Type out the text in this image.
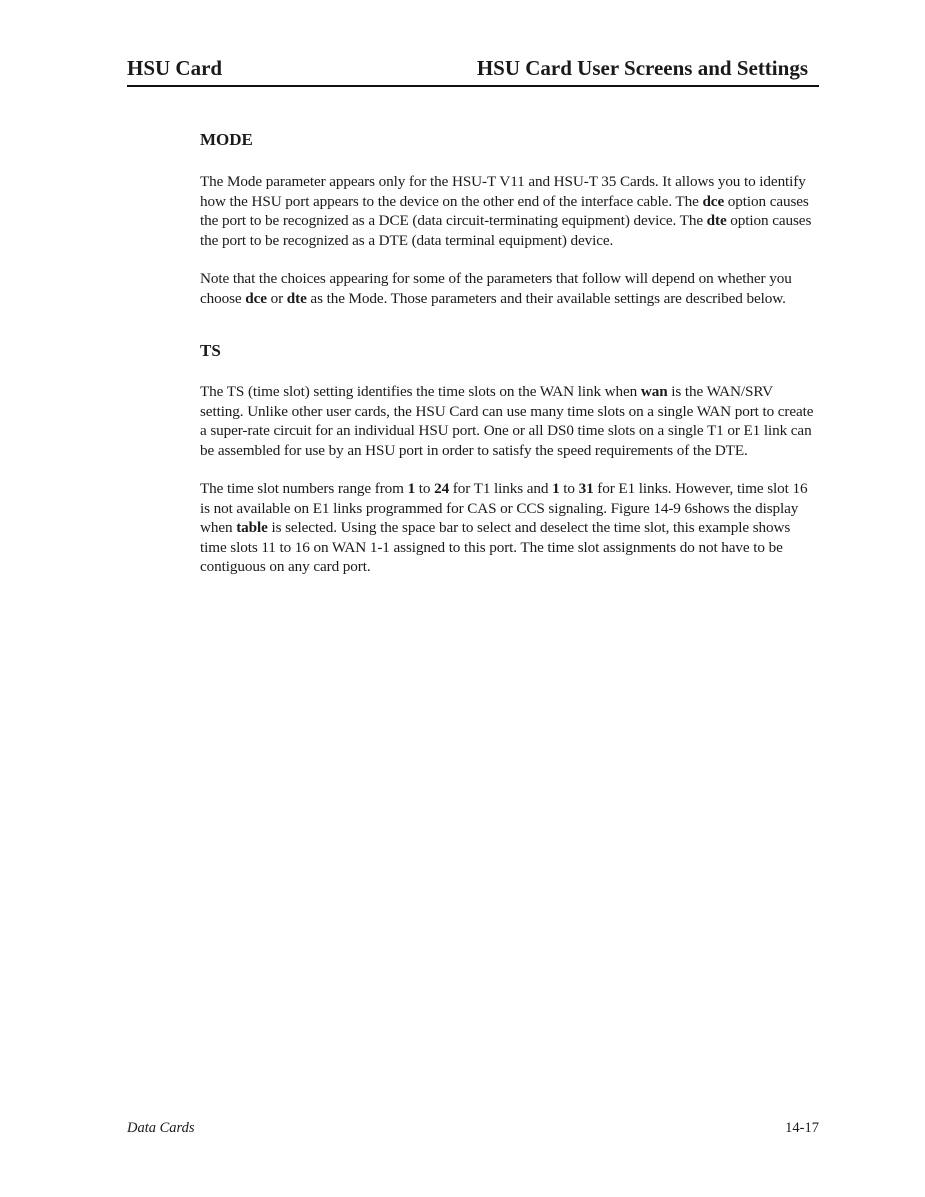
HSU Card	HSU Card User Screens and Settings
MODE

The Mode parameter appears only for the HSU-T V11 and HSU-T 35 Cards. It allows you to identify how the HSU port appears to the device on the other end of the interface cable. The dce option causes the port to be recognized as a DCE (data circuit-terminating equipment) device. The dte option causes the port to be recognized as a DTE (data terminal equipment) device.

Note that the choices appearing for some of the parameters that follow will depend on whether you choose dce or dte as the Mode. Those parameters and their available settings are described below.

TS

The TS (time slot) setting identifies the time slots on the WAN link when wan is the WAN/SRV setting. Unlike other user cards, the HSU Card can use many time slots on a single WAN port to create a super-rate circuit for an individual HSU port. One or all DS0 time slots on a single T1 or E1 link can be assembled for use by an HSU port in order to satisfy the speed requirements of the DTE.

The time slot numbers range from 1 to 24 for T1 links and 1 to 31 for E1 links. However, time slot 16 is not available on E1 links programmed for CAS or CCS signaling. Figure 14-9 6shows the display when table is selected. Using the space bar to select and deselect the time slot, this example shows time slots 11 to 16 on WAN 1-1 assigned to this port. The time slot assignments do not have to be contiguous on any card port.

Data Cards	14-17
